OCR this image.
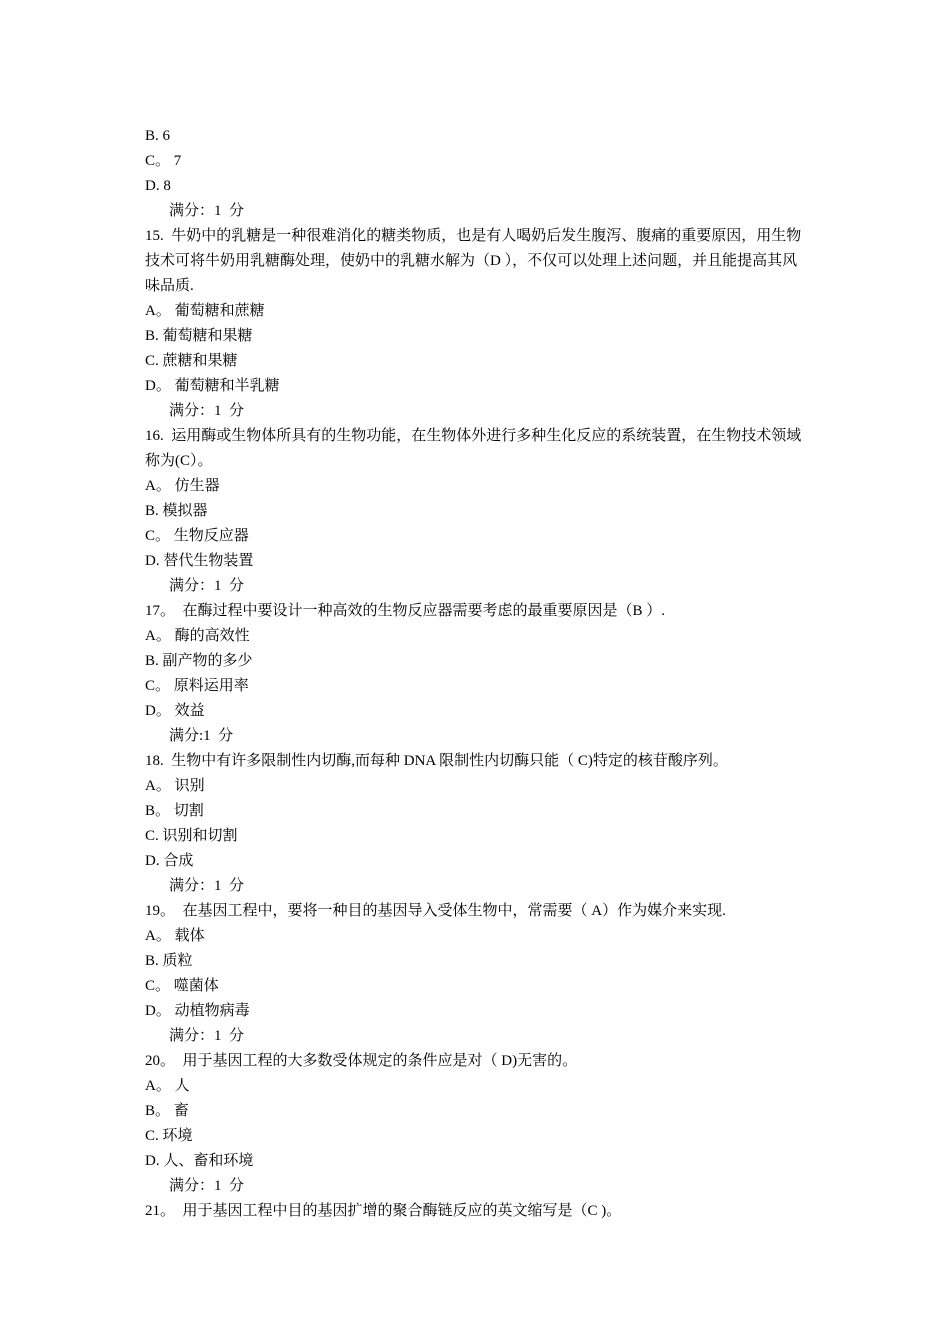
B. 6
C。 7
D. 8
满分：1  分
15.  牛奶中的乳糖是一种很难消化的糖类物质，也是有人喝奶后发生腹泻、腹痛的重要原因，用生物技术可将牛奶用乳糖酶处理，使奶中的乳糖水解为（D ），不仅可以处理上述问题，并且能提高其风味品质.
A。 葡萄糖和蔗糖
B. 葡萄糖和果糖
C. 蔗糖和果糖
D。 葡萄糖和半乳糖
满分：1  分
16.  运用酶或生物体所具有的生物功能，在生物体外进行多种生化反应的系统装置，在生物技术领域称为(C）。
A。 仿生器
B. 模拟器
C。 生物反应器
D. 替代生物装置
满分：1  分
17。  在酶过程中要设计一种高效的生物反应器需要考虑的最重要原因是（B ）.
A。 酶的高效性
B. 副产物的多少
C。 原料运用率
D。 效益
满分:1  分
18.  生物中有许多限制性内切酶,而每种 DNA 限制性内切酶只能（ C)特定的核苷酸序列。
A。 识别
B。 切割
C. 识别和切割
D. 合成
满分：1  分
19。  在基因工程中，要将一种目的基因导入受体生物中，常需要（ A）作为媒介来实现.
A。 载体
B. 质粒
C。 噬菌体
D。 动植物病毒
满分：1  分
20。  用于基因工程的大多数受体规定的条件应是对（ D)无害的。
A。 人
B。 畜
C. 环境
D. 人、畜和环境
满分：1  分
21。  用于基因工程中目的基因扩增的聚合酶链反应的英文缩写是（C )。
